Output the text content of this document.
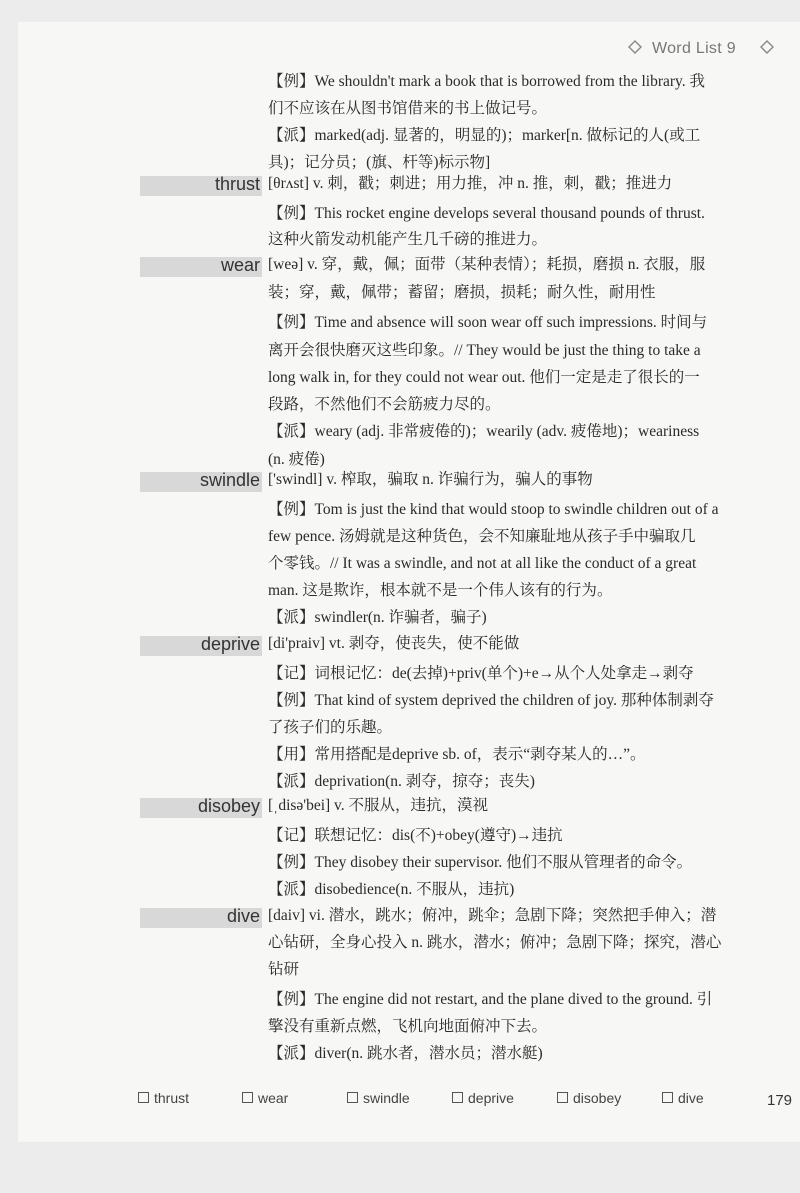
Word List 9
【例】We shouldn't mark a book that is borrowed from the library. 我
们不应该在从图书馆借来的书上做记号。
【派】marked(adj. 显著的，明显的)；marker[n. 做标记的人(或工
具)；记分员；(旗、杆等)标示物]
thrust [θrʌst] v. 刺，戳；刺进；用力推，冲 n. 推，刺，戳；推进力
【例】This rocket engine develops several thousand pounds of thrust.
这种火箭发动机能产生几千磅的推进力。
wear [weə] v. 穿，戴，佩；面带（某种表情）；耗损，磨损 n. 衣服，服
装；穿，戴，佩带；蓄留；磨损，损耗；耐久性，耐用性
【例】Time and absence will soon wear off such impressions. 时间与
离开会很快磨灭这些印象。// They would be just the thing to take a
long walk in, for they could not wear out. 他们一定是走了很长的一
段路，不然他们不会筋疲力尽的。
【派】weary (adj. 非常疲倦的)；wearily (adv. 疲倦地)；weariness
(n. 疲倦)
swindle ['swindl] v. 榨取，骗取 n. 诈骗行为，骗人的事物
【例】Tom is just the kind that would stoop to swindle children out of a
few pence. 汤姆就是这种货色，会不知廉耻地从孩子手中骗取几
个零钱。// It was a swindle, and not at all like the conduct of a great
man. 这是欺诈，根本就不是一个伟人该有的行为。
【派】swindler(n. 诈骗者，骗子)
deprive [di'praiv] vt. 剥夺，使丧失，使不能做
【记】词根记忆：de(去掉)+priv(单个)+e→从个人处拿走→剥夺
【例】That kind of system deprived the children of joy. 那种体制剥夺
了孩子们的乐趣。
【用】常用搭配是deprive sb. of，表示“剥夺某人的…”。
【派】deprivation(n. 剥夺，掠夺；丧失)
disobey [ˌdisə'bei] v. 不服从，违抗，漠视
【记】联想记忆：dis(不)+obey(遵守)→违抗
【例】They disobey their supervisor. 他们不服从管理者的命令。
【派】disobedience(n. 不服从，违抗)
dive [daiv] vi. 潜水，跳水；俯冲，跳伞；急剧下降；突然把手伸入；潜
心钻研，全身心投入 n. 跳水，潜水；俯冲；急剧下降；探究，潜心
钻研
【例】The engine did not restart, and the plane dived to the ground. 引
擎没有重新点燃，飞机向地面俯冲下去。
【派】diver(n. 跳水者，潜水员；潜水艇)
thrust	wear	swindle	deprive	disobey	dive	179
